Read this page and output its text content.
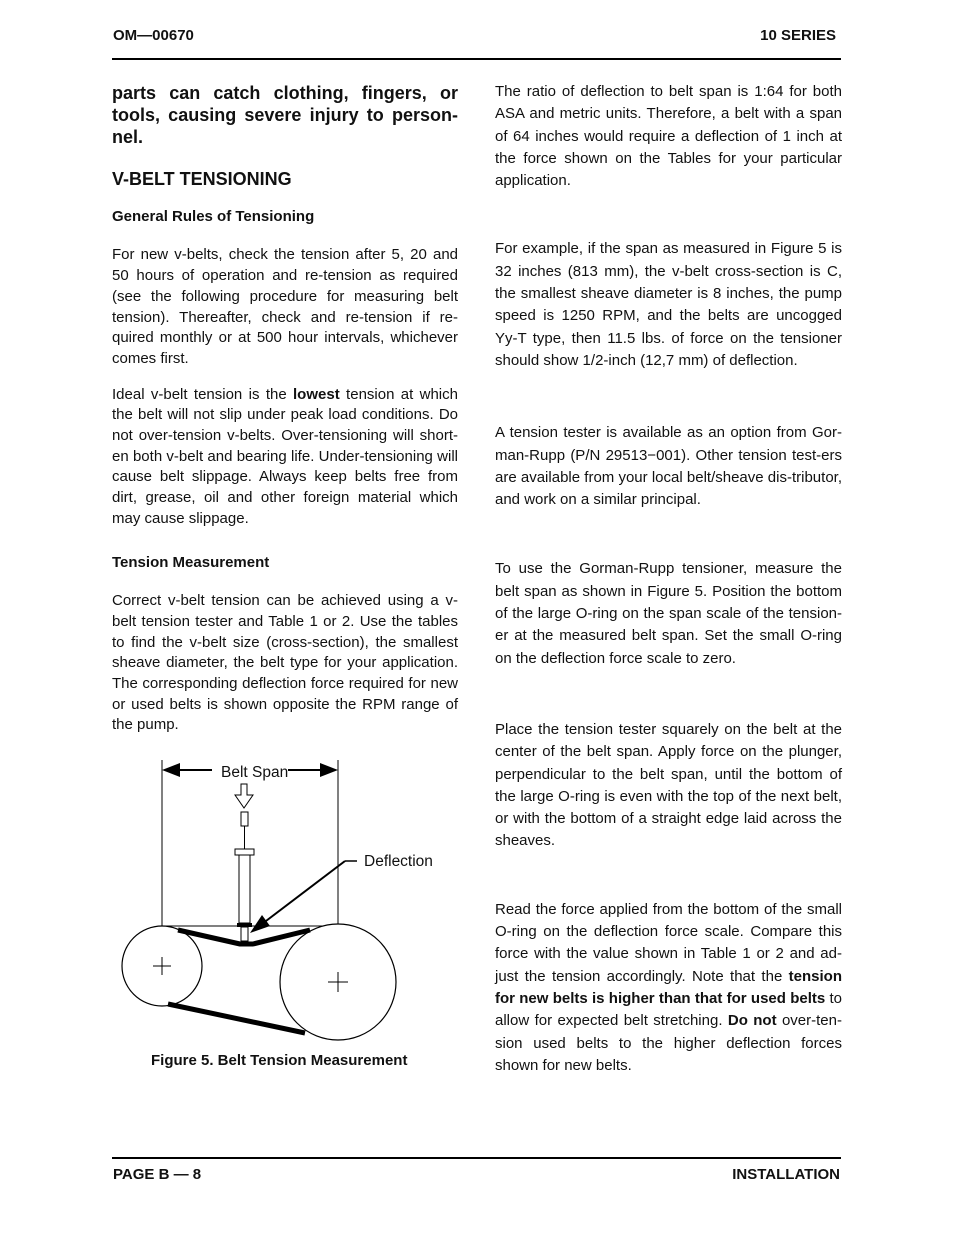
OM—00670	10 SERIES

parts can catch clothing, fingers, or tools, causing severe injury to person-nel.

V-BELT TENSIONING

General Rules of Tensioning

For new v-belts, check the tension after 5, 20 and 50 hours of operation and re-tension as required (see the following procedure for measuring belt tension). Thereafter, check and re-tension if re-quired monthly or at 500 hour intervals, whichever comes first.

Ideal v-belt tension is the lowest tension at which the belt will not slip under peak load conditions. Do not over-tension v-belts. Over-tensioning will short-en both v-belt and bearing life. Under-tensioning will cause belt slippage. Always keep belts free from dirt, grease, oil and other foreign material which may cause slippage.

Tension Measurement

Correct v-belt tension can be achieved using a v-belt tension tester and Table 1 or 2. Use the tables to find the v-belt size (cross-section), the smallest sheave diameter, the belt type for your application. The corresponding deflection force required for new or used belts is shown opposite the RPM range of the pump.

Belt Span
Deflection
Figure 5. Belt Tension Measurement

The ratio of deflection to belt span is 1:64 for both ASA and metric units. Therefore, a belt with a span of 64 inches would require a deflection of 1 inch at the force shown on the Tables for your particular application.

For example, if the span as measured in Figure 5 is 32 inches (813 mm), the v-belt cross-section is C, the smallest sheave diameter is 8 inches, the pump speed is 1250 RPM, and the belts are uncogged Yy-T type, then 11.5 lbs. of force on the tensioner should show 1/2-inch (12,7 mm) of deflection.

A tension tester is available as an option from Gor-man-Rupp (P/N 29513−001). Other tension test-ers are available from your local belt/sheave dis-tributor, and work on a similar principal.

To use the Gorman-Rupp tensioner, measure the belt span as shown in Figure 5. Position the bottom of the large O-ring on the span scale of the tension-er at the measured belt span. Set the small O-ring on the deflection force scale to zero.

Place the tension tester squarely on the belt at the center of the belt span. Apply force on the plunger, perpendicular to the belt span, until the bottom of the large O-ring is even with the top of the next belt, or with the bottom of a straight edge laid across the sheaves.

Read the force applied from the bottom of the small O-ring on the deflection force scale. Compare this force with the value shown in Table 1 or 2 and ad-just the tension accordingly. Note that the tension for new belts is higher than that for used belts to allow for expected belt stretching. Do not over-ten-sion used belts to the higher deflection forces shown for new belts.

PAGE B — 8	INSTALLATION
